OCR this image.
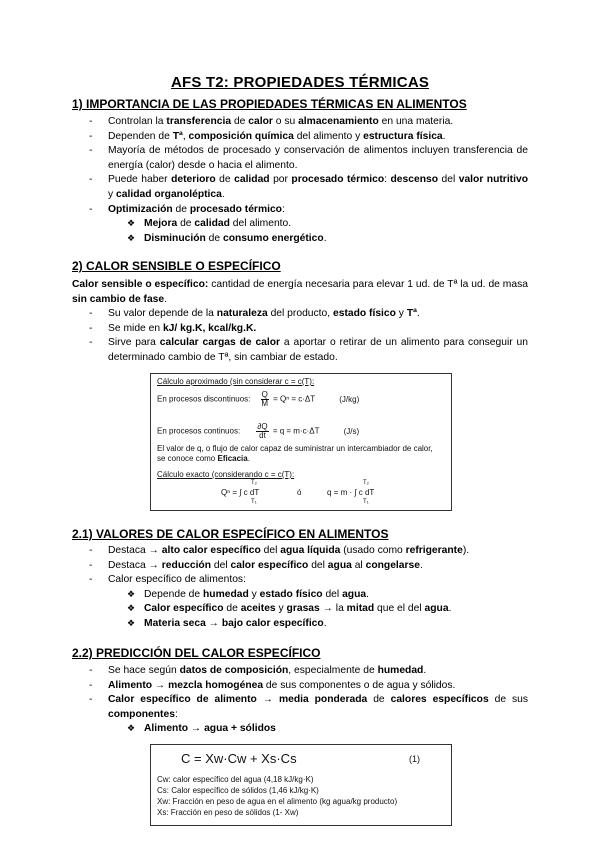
AFS T2: PROPIEDADES TÉRMICAS
1) IMPORTANCIA DE LAS PROPIEDADES TÉRMICAS EN ALIMENTOS
- Controlan la transferencia de calor o su almacenamiento en una materia.
- Dependen de Tª, composición química del alimento y estructura física.
- Mayoría de métodos de procesado y conservación de alimentos incluyen transferencia de energía (calor) desde o hacia el alimento.
- Puede haber deterioro de calidad por procesado térmico: descenso del valor nutritivo y calidad organoléptica.
- Optimización de procesado térmico:
❖ Mejora de calidad del alimento.
❖ Disminución de consumo energético.
2) CALOR SENSIBLE O ESPECÍFICO

Calor sensible o específico: cantidad de energía necesaria para elevar 1 ud. de Tª la ud. de masa sin cambio de fase.

- Su valor depende de la naturaleza del producto, estado físico y Tª.
- Se mide en kJ/ kg.K, kcal/kg.K.
- Sirve para calcular cargas de calor a aportar o retirar de un alimento para conseguir un determinado cambio de Tª, sin cambiar de estado.
Cálculo aproximado (sin considerar c = c(T):
En procesos discontinuos: $\frac{Q}{M} = Q^n = c\cdot\Delta T$	(J/kg)
En procesos continuos: $\frac{\partial Q}{dt} = q = m\cdot c\cdot\Delta T$	(J/s)
El valor de q, o flujo de calor capaz de suministrar un intercambiador de calor, se conoce como Eficacia.
Cálculo exacto (considerando c = c(T):
T₂
Qⁿ = ∫ c dT
T₁
ó
T₂
q = m · ∫ c dT
T₁
2.1) VALORES DE CALOR ESPECÍFICO EN ALIMENTOS
- Destaca → alto calor específico del agua líquida (usado como refrigerante).
- Destaca → reducción del calor específico del agua al congelarse.
- Calor específico de alimentos:
❖ Depende de humedad y estado físico del agua.
❖ Calor específico de aceites y grasas → la mitad que el del agua.
❖ Materia seca → bajo calor específico.
2.2) PREDICCIÓN DEL CALOR ESPECÍFICO
- Se hace según datos de composición, especialmente de humedad.
- Alimento → mezcla homogénea de sus componentes o de agua y sólidos.
- Calor específico de alimento → media ponderada de calores específicos de sus componentes:
❖ Alimento → agua + sólidos
C = Xw·Cw + Xs·Cs	(1)
Cw: calor específico del agua (4,18 kJ/kg·K)
Cs: Calor específico de sólidos (1,46 kJ/kg·K)
Xw: Fracción en peso de agua en el alimento (kg agua/kg producto)
Xs: Fracción en peso de sólidos (1- Xw)
